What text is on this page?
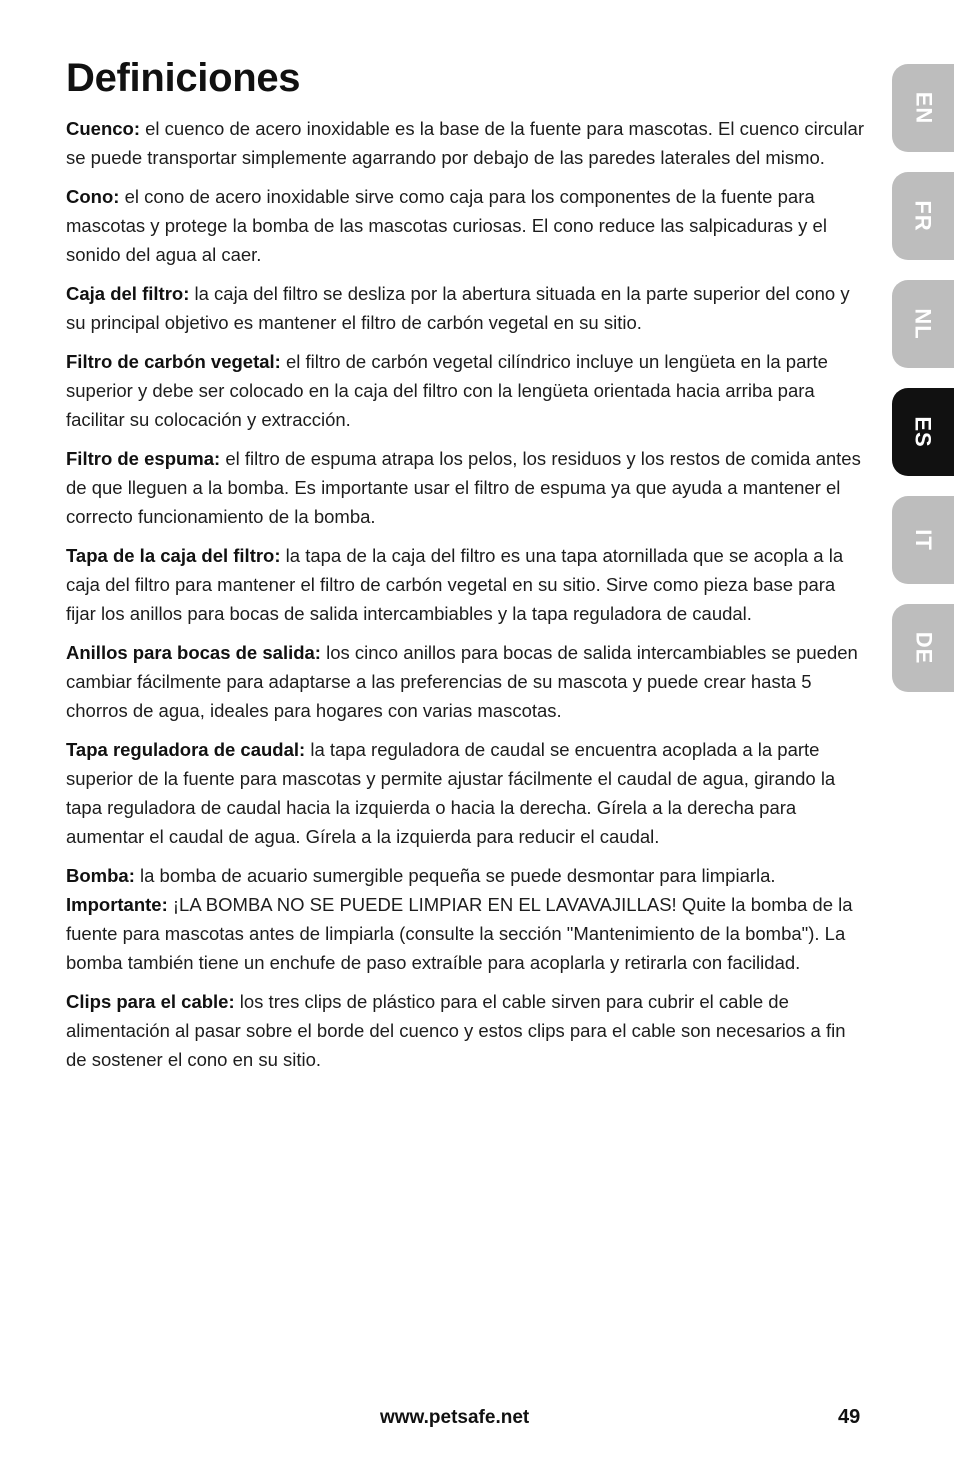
Definiciones

Cuenco: el cuenco de acero inoxidable es la base de la fuente para mascotas. El cuenco circular se puede transportar simplemente agarrando por debajo de las paredes laterales del mismo.

Cono: el cono de acero inoxidable sirve como caja para los componentes de la fuente para mascotas y protege la bomba de las mascotas curiosas. El cono reduce las salpicaduras y el sonido del agua al caer.

Caja del filtro: la caja del filtro se desliza por la abertura situada en la parte superior del cono y su principal objetivo es mantener el filtro de carbón vegetal en su sitio.

Filtro de carbón vegetal: el filtro de carbón vegetal cilíndrico incluye un lengüeta en la parte superior y debe ser colocado en la caja del filtro con la lengüeta orientada hacia arriba para facilitar su colocación y extracción.

Filtro de espuma: el filtro de espuma atrapa los pelos, los residuos y los restos de comida antes de que lleguen a la bomba. Es importante usar el filtro de espuma ya que ayuda a mantener el correcto funcionamiento de la bomba.

Tapa de la caja del filtro: la tapa de la caja del filtro es una tapa atornillada que se acopla a la caja del filtro para mantener el filtro de carbón vegetal en su sitio. Sirve como pieza base para fijar los anillos para bocas de salida intercambiables y la tapa reguladora de caudal.

Anillos para bocas de salida: los cinco anillos para bocas de salida intercambiables se pueden cambiar fácilmente para adaptarse a las preferencias de su mascota y puede crear hasta 5 chorros de agua, ideales para hogares con varias mascotas.

Tapa reguladora de caudal: la tapa reguladora de caudal se encuentra acoplada a la parte superior de la fuente para mascotas y permite ajustar fácilmente el caudal de agua, girando la tapa reguladora de caudal hacia la izquierda o hacia la derecha. Gírela a la derecha para aumentar el caudal de agua. Gírela a la izquierda para reducir el caudal.

Bomba: la bomba de acuario sumergible pequeña se puede desmontar para limpiarla. Importante: ¡LA BOMBA NO SE PUEDE LIMPIAR EN EL LAVAVAJILLAS! Quite la bomba de la fuente para mascotas antes de limpiarla (consulte la sección "Mantenimiento de la bomba"). La bomba también tiene un enchufe de paso extraíble para acoplarla y retirarla con facilidad.

Clips para el cable: los tres clips de plástico para el cable sirven para cubrir el cable de alimentación al pasar sobre el borde del cuenco y estos clips para el cable son necesarios a fin de sostener el cono en su sitio.

EN
FR
NL
ES
IT
DE
www.petsafe.net	49
